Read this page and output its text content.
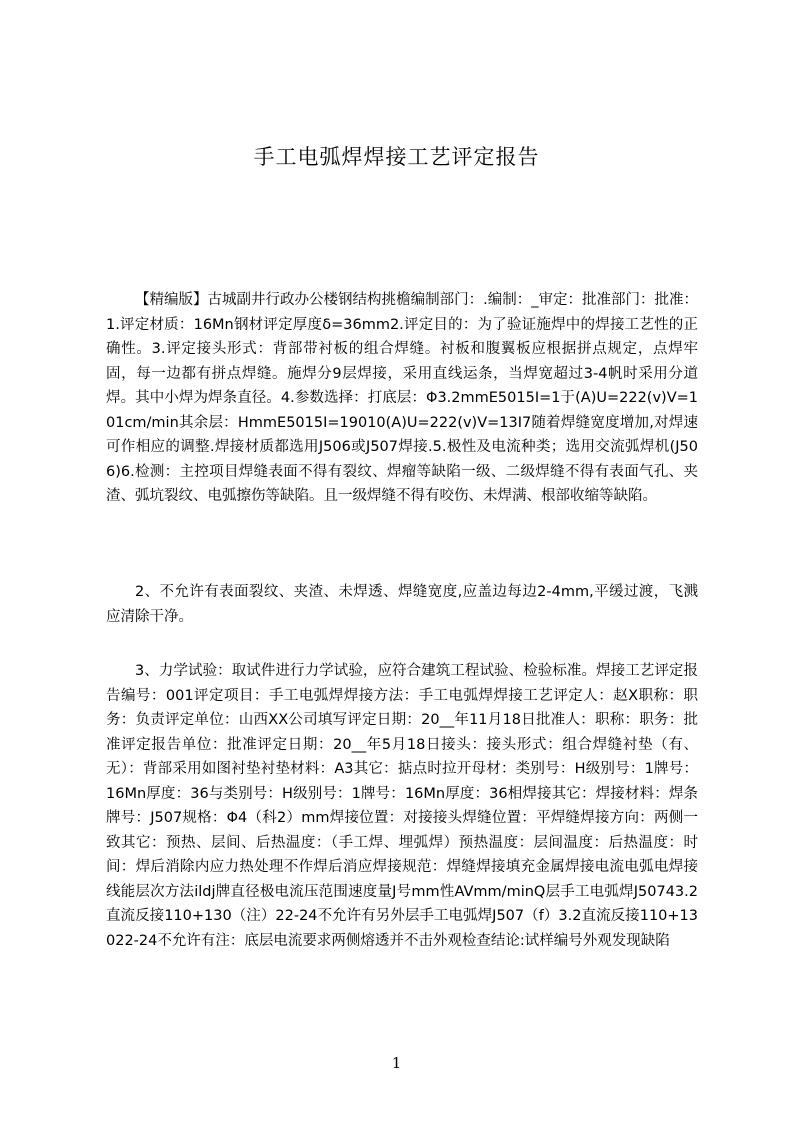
手工电弧焊焊接工艺评定报告

【精编版】古城副井行政办公楼钢结构挑檐编制部门：.编制：_审定：批准部门：批准：1.评定材质：16Mn钢材评定厚度δ=36mm2.评定目的：为了验证施焊中的焊接工艺性的正确性。3.评定接头形式：背部带衬板的组合焊缝。衬板和腹翼板应根据拼点规定，点焊牢固，每一边都有拼点焊缝。施焊分9层焊接，采用直线运条，当焊宽超过3-4帆时采用分道焊。其中小焊为焊条直径。4.参数选择：打底层：Φ3.2mmE5015I=1于(A)U=222(v)V=101cm/min其余层：HmmE5015I=19010(A)U=222(v)V=13I7随着焊缝宽度增加,对焊速可作相应的调整.焊接材质都选用J506或J507焊接.5.极性及电流种类；选用交流弧焊机(J506)6.检测：主控项目焊缝表面不得有裂纹、焊瘤等缺陷一级、二级焊缝不得有表面气孔、夹渣、弧坑裂纹、电弧擦伤等缺陷。且一级焊缝不得有咬伤、未焊满、根部收缩等缺陷。

2、不允许有表面裂纹、夹渣、未焊透、焊缝宽度,应盖边每边2-4mm,平缓过渡，飞溅应清除干净。

3、力学试验：取试件进行力学试验，应符合建筑工程试验、检验标准。焊接工艺评定报告编号：001评定项目：手工电弧焊焊接方法：手工电弧焊焊接工艺评定人：赵X职称：职务：负责评定单位：山西XX公司填写评定日期：20__年11月18日批准人：职称：职务：批准评定报告单位：批准评定日期：20__年5月18日接头：接头形式：组合焊缝衬垫（有、无）：背部采用如图衬垫衬垫材料：A3其它：掂点时拉开母材：类别号：H级别号：1牌号：16Mn厚度：36与类别号：H级别号：1牌号：16Mn厚度：36相焊接其它：焊接材料：焊条牌号：J507规格：Φ4（科2）mm焊接位置：对接接头焊缝位置：平焊缝焊接方向：两侧一致其它：预热、层间、后热温度：（手工焊、埋弧焊）预热温度：层间温度：后热温度：时间：焊后消除内应力热处理不作焊后消应焊接规范：焊缝焊接填充金属焊接电流电弧电焊接线能层次方法ildj牌直径极电流压范围速度量J号mm性AVmm/minQ层手工电弧焊J50743.2直流反接110+130（注）22-24不允许有另外层手工电弧焊J507（f）3.2直流反接110+13022-24不允许有注：底层电流要求两侧熔透并不击外观检查结论:试样编号外观发现缺陷

1
